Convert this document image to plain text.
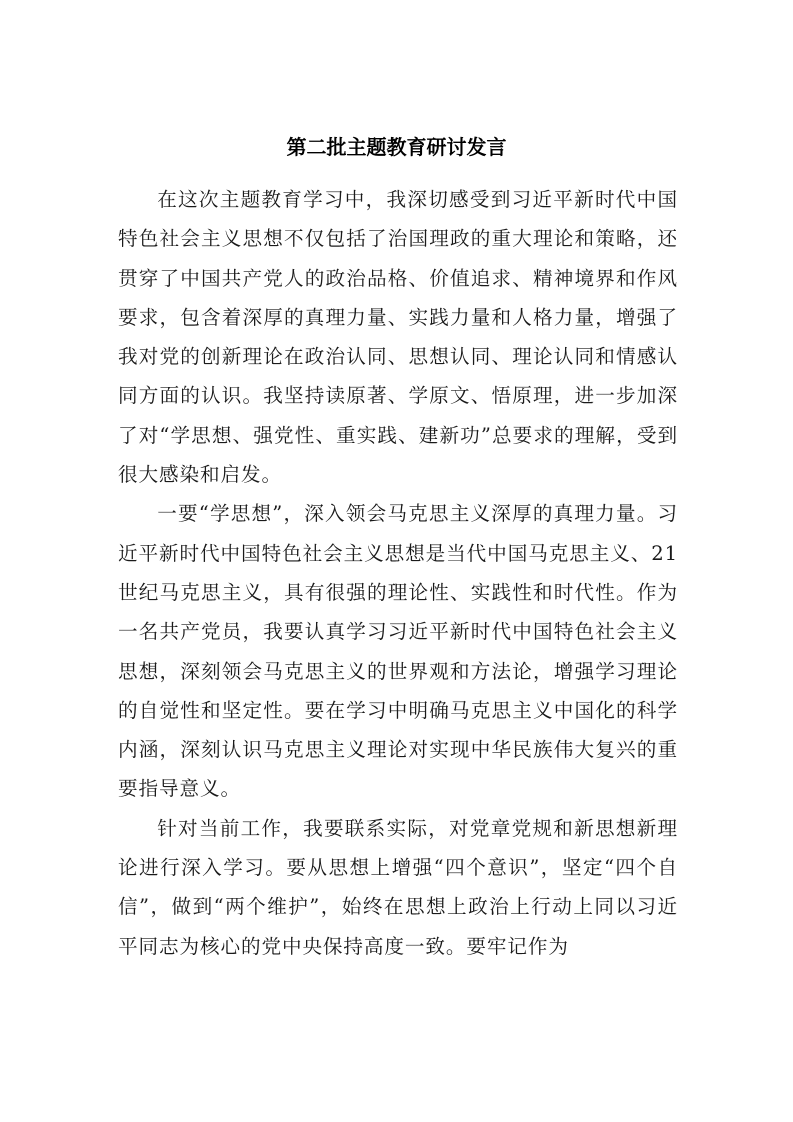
第二批主题教育研讨发言

在这次主题教育学习中，我深切感受到习近平新时代中国特色社会主义思想不仅包括了治国理政的重大理论和策略，还贯穿了中国共产党人的政治品格、价值追求、精神境界和作风要求，包含着深厚的真理力量、实践力量和人格力量，增强了我对党的创新理论在政治认同、思想认同、理论认同和情感认同方面的认识。我坚持读原著、学原文、悟原理，进一步加深了对“学思想、强党性、重实践、建新功”总要求的理解，受到很大感染和启发。

一要“学思想”，深入领会马克思主义深厚的真理力量。习近平新时代中国特色社会主义思想是当代中国马克思主义、21世纪马克思主义，具有很强的理论性、实践性和时代性。作为一名共产党员，我要认真学习习近平新时代中国特色社会主义思想，深刻领会马克思主义的世界观和方法论，增强学习理论的自觉性和坚定性。要在学习中明确马克思主义中国化的科学内涵，深刻认识马克思主义理论对实现中华民族伟大复兴的重要指导意义。

针对当前工作，我要联系实际，对党章党规和新思想新理论进行深入学习。要从思想上增强“四个意识”，坚定“四个自信”，做到“两个维护”，始终在思想上政治上行动上同以习近平同志为核心的党中央保持高度一致。要牢记作为
